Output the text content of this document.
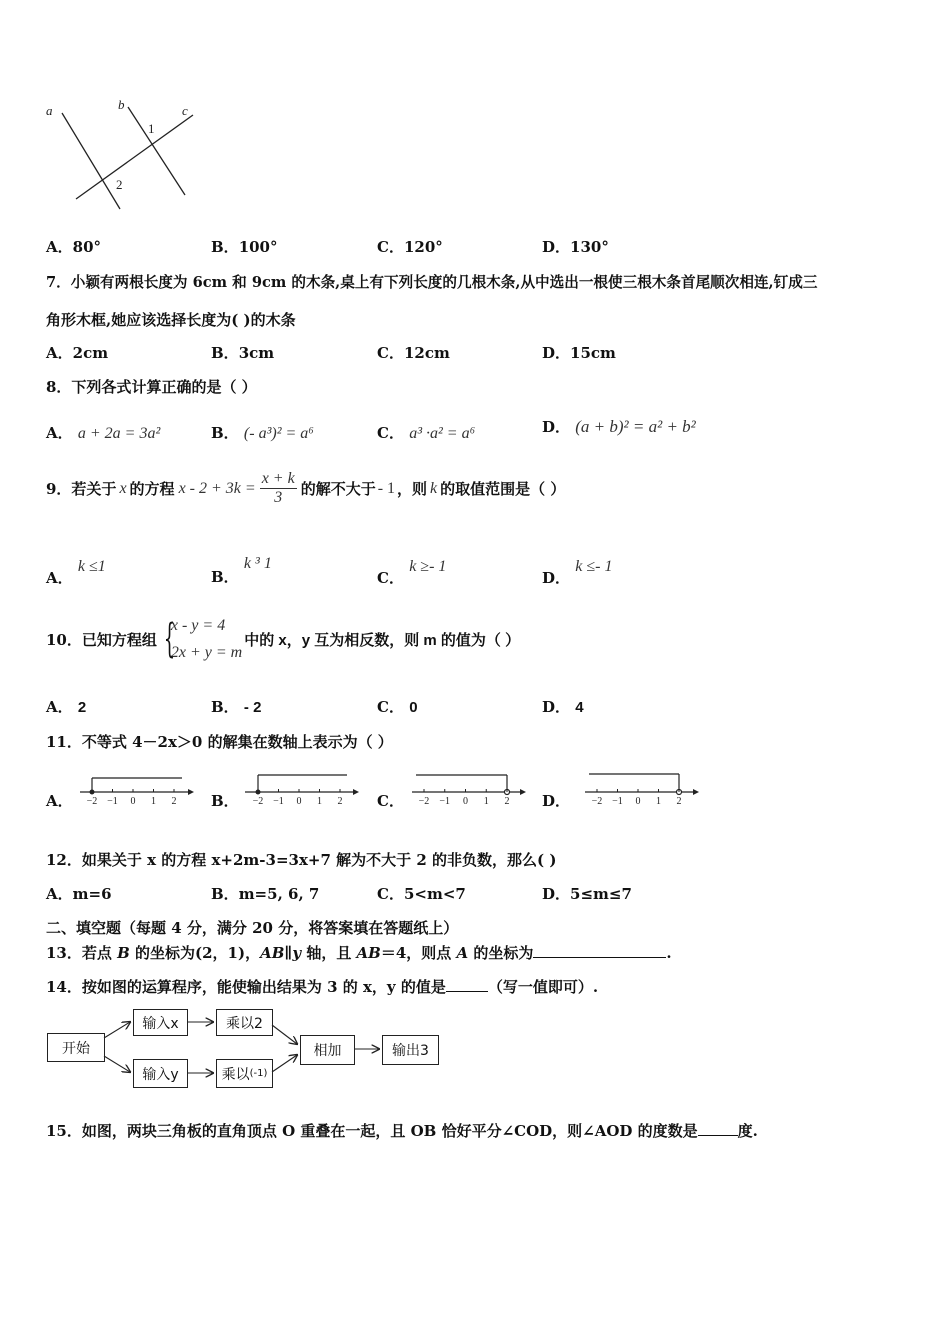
a	b	c
1
2
A．80°	B．100°	C．120°	D．130°
7．小颖有两根长度为 6cm 和 9cm 的木条,桌上有下列长度的几根木条,从中选出一根使三根木条首尾顺次相连,钉成三
角形木框,她应该选择长度为( )的木条
A．2cm	B．3cm	C．12cm	D．15cm
8．下列各式计算正确的是（ ）
A． a + 2a = 3a²	B． (- a³)² = a⁶	C． a³ ·a² = a⁶	D． (a + b)² = a² + b²
9．若关于 x 的方程 $x - 2 + 3k = \frac{x + k}{3}$ 的解不大于 - 1 ，则 k 的取值范围是（ ）
A． k ≤1
B． k ³ 1
C． k ≥- 1
D． k ≤- 1
10．已知方程组 {
x - y = 4
2x + y = m
中的 x，y 互为相反数，则 m 的值为（ ）
A． 2	B． - 2	C． 0	D． 4
11．不等式 4－2x＞0 的解集在数轴上表示为（ ）
A．	B．	C．	D．
−2 −1 0 1 2	−2 −1 0 1 2	−2 −1 0 1 2	−2 −1 0 1 2
12．如果关于 x 的方程 x+2m-3=3x+7 解为不大于 2 的非负数，那么( )
A．m=6	B．m=5, 6, 7	C．5<m<7	D．5≤m≤7
二、填空题（每题 4 分，满分 20 分，将答案填在答题纸上）
13．若点 B 的坐标为(2，1)，AB∥y 轴，且 AB＝4，则点 A 的坐标为	.
14．按如图的运算程序，能使输出结果为 3 的 x，y 的值是	（写一值即可）.
开始
输入x	乘以2
输入y	乘以 (-1)
相加	输出3
15．如图，两块三角板的直角顶点 O 重叠在一起，且 OB 恰好平分∠COD，则∠AOD 的度数是	度.
